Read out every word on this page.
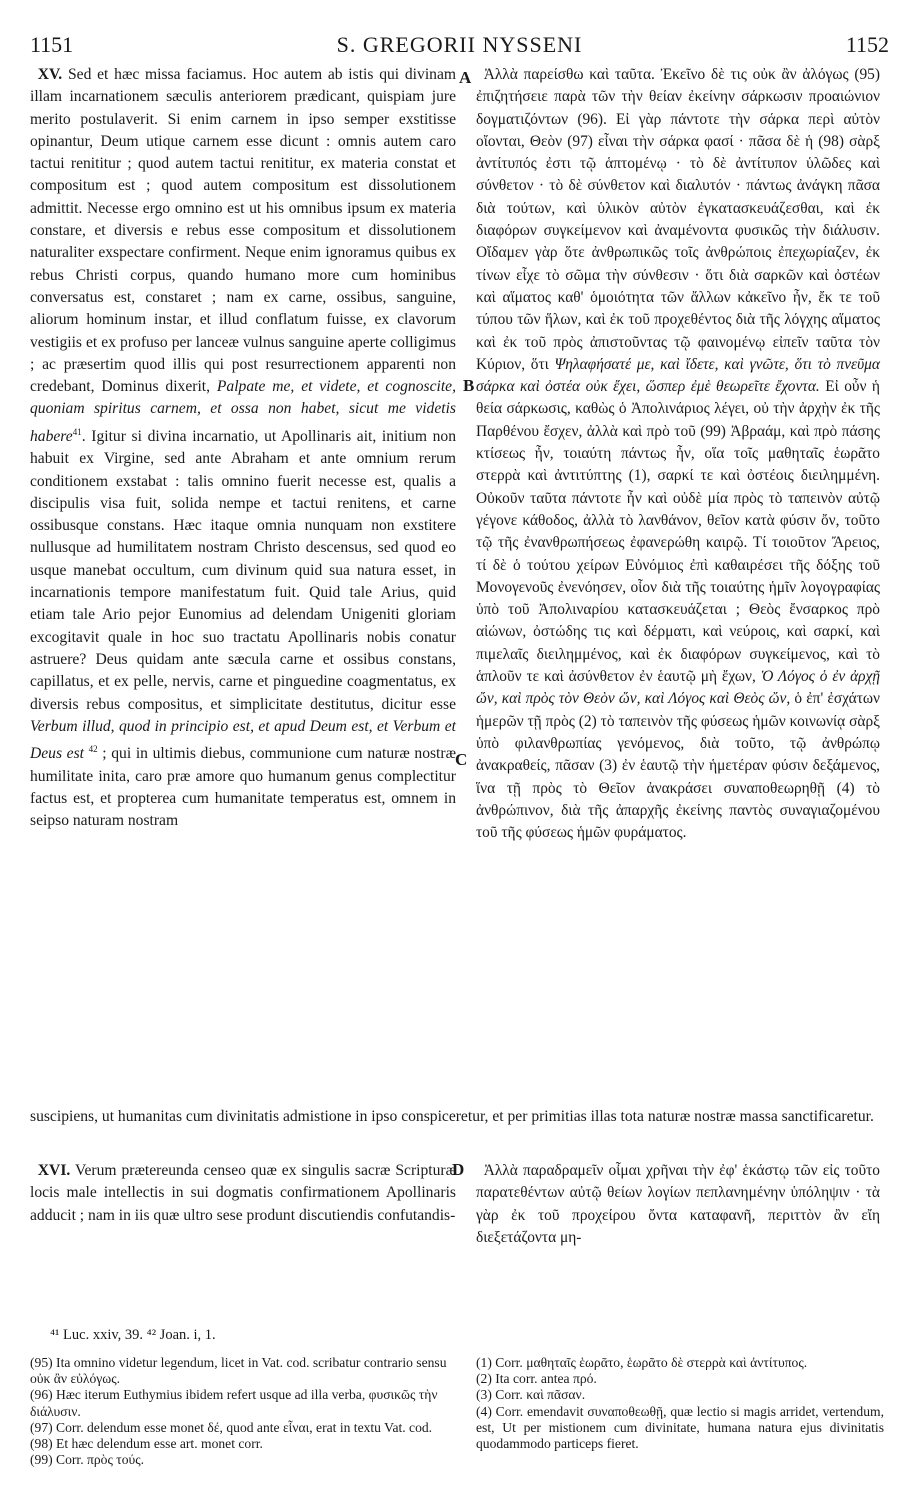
1151	S. GREGORII NYSSENI	1152

 XV. Sed et hæc missa faciamus. Hoc autem ab istis qui divinam illam incarnationem sæculis anteriorem prædicant, quispiam jure merito postulaverit. Si enim carnem in ipso semper exstitisse opinantur, Deum utique carnem esse dicunt : omnis autem caro tactui renititur ; quod autem tactui renititur, ex materia constat et compositum est ; quod autem compositum est dissolutionem admittit. Necesse ergo omnino est ut his omnibus ipsum ex materia constare, et diversis e rebus esse compositum et dissolutionem naturaliter exspectare confirment. Neque enim ignoramus quibus ex rebus Christi corpus, quando humano more cum hominibus conversatus est, constaret ; nam ex carne, ossibus, sanguine, aliorum hominum instar, et illud conflatum fuisse, ex clavorum vestigiis et ex profuso per lanceæ vulnus sanguine aperte colligimus ; ac præsertim quod illis qui post resurrectionem apparenti non credebant, Dominus dixerit, Palpate me, et videte, et cognoscite, quoniam spiritus carnem, et ossa non habet, sicut me videtis habere$^{41}$. Igitur si divina incarnatio, ut Apollinaris ait, initium non habuit ex Virgine, sed ante Abraham et ante omnium rerum conditionem exstabat : talis omnino fuerit necesse est, qualis a discipulis visa fuit, solida nempe et tactui renitens, et carne ossibusque constans. Hæc itaque omnia nunquam non exstitere nullusque ad humilitatem nostram Christo descensus, sed quod eo usque manebat occultum, cum divinum quid sua natura esset, in incarnationis tempore manifestatum fuit. Quid tale Arius, quid etiam tale Ario pejor Eunomius ad delendam Unigeniti gloriam excogitavit quale in hoc suo tractatu Apollinaris nobis conatur astruere? Deus quidam ante sæcula carne et ossibus constans, capillatus, et ex pelle, nervis, carne et pinguedine coagmentatus, ex diversis rebus compositus, et simplicitate destitutus, dicitur esse Verbum illud, quod in principio est, et apud Deum est, et Verbum et Deus est $^{42}$ ; qui in ultimis diebus, communione cum naturæ nostræ humilitate inita, caro præ amore quo humanum genus complectitur factus est, et propterea cum humanitate temperatus est, omnem in seipso naturam nostram

 Ἀλλὰ παρείσθω καὶ ταῦτα. Ἐκεῖνο δὲ τις οὐκ ἂν ἀλόγως (95) ἐπιζητήσειε παρὰ τῶν τὴν θείαν ἐκείνην σάρκωσιν προαιώνιον δογματιζόντων (96). Εἰ γὰρ πάντοτε τὴν σάρκα περὶ αὐτὸν οἴονται, Θεὸν (97) εἶναι τὴν σάρκα φασί · πᾶσα δὲ ἡ (98) σὰρξ ἀντίτυπός ἐστι τῷ ἁπτομένῳ · τὸ δὲ ἀντίτυπον ὑλῶδες καὶ σύνθετον · τὸ δὲ σύνθετον καὶ διαλυτόν · πάντως ἀνάγκη πᾶσα διὰ τούτων, καὶ ὑλικὸν αὐτὸν ἐγκατασκευάζεσθαι, καὶ ἐκ διαφόρων συγκείμενον καὶ ἀναμένοντα φυσικῶς τὴν διάλυσιν. Οἴδαμεν γὰρ ὅτε ἀνθρωπικῶς τοῖς ἀνθρώποις ἐπεχωρίαζεν, ἐκ τίνων εἶχε τὸ σῶμα τὴν σύνθεσιν · ὅτι διὰ σαρκῶν καὶ ὀστέων καὶ αἵματος καθ' ὁμοιότητα τῶν ἄλλων κἀκεῖνο ἦν, ἔκ τε τοῦ τύπου τῶν ἥλων, καὶ ἐκ τοῦ προχεθέντος διὰ τῆς λόγχης αἵματος καὶ ἐκ τοῦ πρὸς ἀπιστοῦντας τῷ φαινομένῳ εἰπεῖν ταῦτα τὸν Κύριον, ὅτι Ψηλαφήσατέ με, καὶ ἴδετε, καὶ γνῶτε, ὅτι τὸ πνεῦμα σάρκα καὶ ὀστέα οὐκ ἔχει, ὥσπερ ἐμὲ θεωρεῖτε ἔχοντα. Εἰ οὖν ἡ θεία σάρκωσις, καθὼς ὁ Ἀπολινάριος λέγει, οὐ τὴν ἀρχὴν ἐκ τῆς Παρθένου ἔσχεν, ἀλλὰ καὶ πρὸ τοῦ (99) Ἀβραάμ, καὶ πρὸ πάσης κτίσεως ἦν, τοιαύτη πάντως ἦν, οἵα τοῖς μαθηταῖς ἑωρᾶτο στερρὰ καὶ ἀντιτύπτης (1), σαρκί τε καὶ ὀστέοις διειλημμένη. Οὐκοῦν ταῦτα πάντοτε ἦν καὶ οὐδὲ μία πρὸς τὸ ταπεινὸν αὐτῷ γέγονε κάθοδος, ἀλλὰ τὸ λανθάνον, θεῖον κατὰ φύσιν ὄν, τοῦτο τῷ τῆς ἐνανθρωπήσεως ἐφανερώθη καιρῷ. Τί τοιοῦτον Ἄρειος, τί δὲ ὁ τούτου χείρων Εὐνόμιος ἐπὶ καθαιρέσει τῆς δόξης τοῦ Μονογενοῦς ἐνενόησεν, οἷον διὰ τῆς τοιαύτης ἡμῖν λογογραφίας ὑπὸ τοῦ Ἀπολιναρίου κατασκευάζεται ; Θεὸς ἔνσαρκος πρὸ αἰώνων, ὀστώδης τις καὶ δέρματι, καὶ νεύροις, καὶ σαρκί, καὶ πιμελαῖς διειλημμένος, καὶ ἐκ διαφόρων συγκείμενος, καὶ τὸ ἁπλοῦν τε καὶ ἀσύνθετον ἐν ἑαυτῷ μὴ ἔχων, Ὁ Λόγος ὁ ἐν ἀρχῇ ὤν, καὶ πρὸς τὸν Θεὸν ὤν, καὶ Λόγος καὶ Θεὸς ὤν, ὁ ἐπ' ἐσχάτων ἡμερῶν τῇ πρὸς (2) τὸ ταπεινὸν τῆς φύσεως ἡμῶν κοινωνίᾳ σὰρξ ὑπὸ φιλανθρωπίας γενόμενος, διὰ τοῦτο, τῷ ἀνθρώπῳ ἀνακραθείς, πᾶσαν (3) ἐν ἑαυτῷ τὴν ἡμετέραν φύσιν δεξάμενος, ἵνα τῇ πρὸς τὸ Θεῖον ἀνακράσει συναποθεωρηθῇ (4) τὸ ἀνθρώπινον, διὰ τῆς ἀπαρχῆς ἐκείνης παντὸς συναγιαζομένου τοῦ τῆς φύσεως ἡμῶν φυράματος.

A
B
C
D
suscipiens, ut humanitas cum divinitatis admistione in ipso conspiceretur, et per primitias illas tota naturæ nostræ massa sanctificaretur.

 XVI. Verum prætereunda censeo quæ ex singulis sacræ Scripturæ locis male intellectis in sui dogmatis confirmationem Apollinaris adducit ; nam in iis quæ ultro sese produnt discutiendis confutandis-

 Ἀλλὰ παραδραμεῖν οἶμαι χρῆναι τὴν ἐφ' ἑκάστῳ τῶν εἰς τοῦτο παρατεθέντων αὐτῷ θείων λογίων πεπλανημένην ὑπόληψιν · τὰ γὰρ ἐκ τοῦ προχείρου ὄντα καταφανῆ, περιττὸν ἂν εἴη διεξετάζοντα μη-

⁴¹ Luc. xxiv, 39. ⁴² Joan. i, 1.

(95) Ita omnino videtur legendum, licet in Vat. cod. scribatur contrario sensu οὐκ ἂν εὐλόγως.

(96) Hæc iterum Euthymius ibidem refert usque ad illa verba, φυσικῶς τὴν διάλυσιν.

(97) Corr. delendum esse monet δέ, quod ante εἶναι, erat in textu Vat. cod.

(98) Et hæc delendum esse art. monet corr.

(99) Corr. πρὸς τούς.

(1) Corr. μαθηταῖς ἑωρᾶτο, ἑωρᾶτο δὲ στερρὰ καὶ ἀντίτυπος.

(2) Ita corr. antea πρό.

(3) Corr. καὶ πᾶσαν.

(4) Corr. emendavit συναποθεωθῇ, quæ lectio si magis arridet, vertendum, est, Ut per mistionem cum divinitate, humana natura ejus divinitatis quodammodo particeps fieret.
